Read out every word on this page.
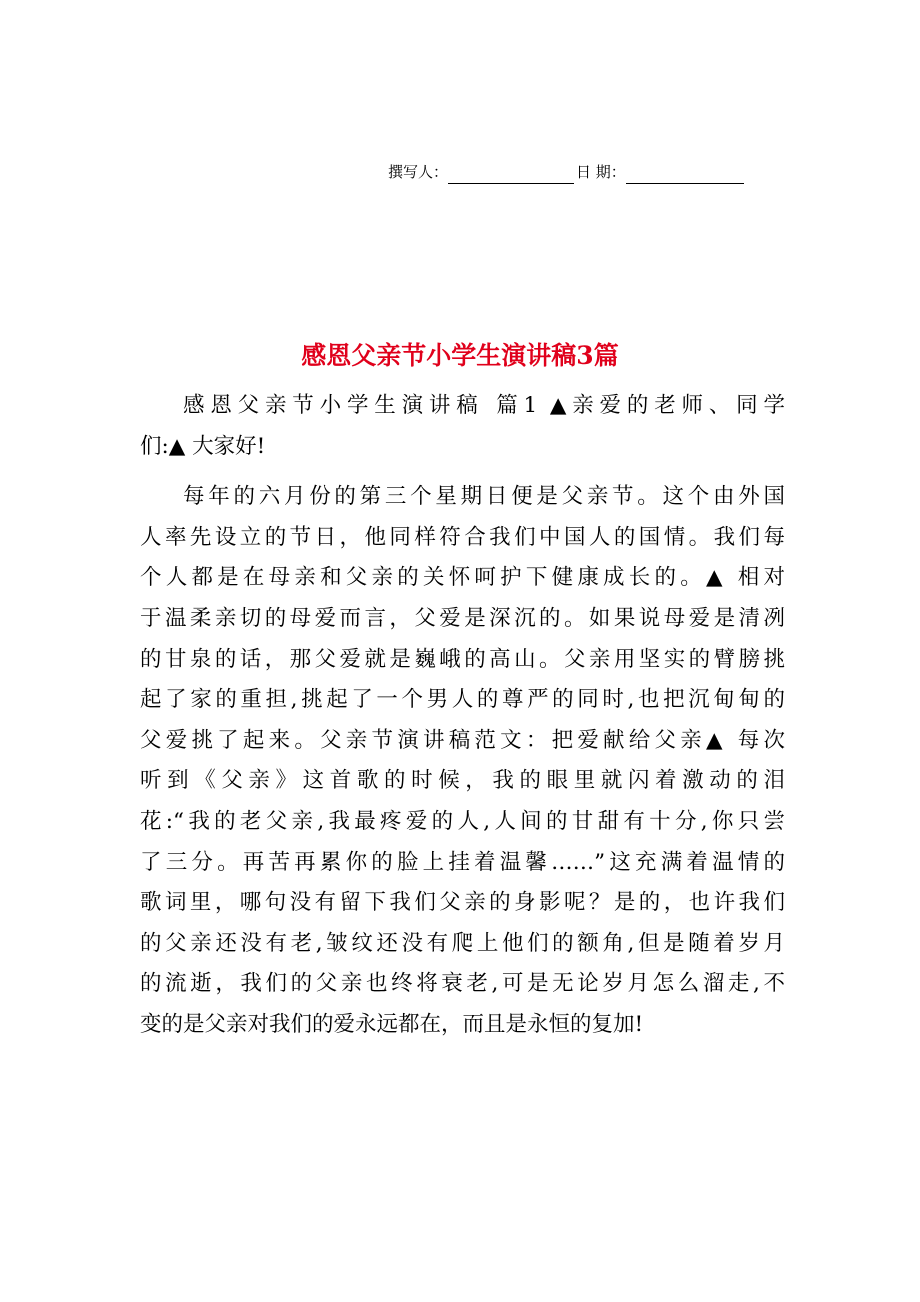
撰写人：	日 期：
感恩父亲节小学生演讲稿3篇
感恩父亲节小学生演讲稿 篇1 ▲亲爱的老师、同学
们:▲ 大家好!
每年的六月份的第三个星期日便是父亲节。这个由外国
人率先设立的节日，他同样符合我们中国人的国情。我们每
个人都是在母亲和父亲的关怀呵护下健康成长的。▲ 相对
于温柔亲切的母爱而言，父爱是深沉的。如果说母爱是清冽
的甘泉的话，那父爱就是巍峨的高山。父亲用坚实的臂膀挑
起了家的重担,挑起了一个男人的尊严的同时,也把沉甸甸的
父爱挑了起来。父亲节演讲稿范文：把爱献给父亲▲ 每次
听到《父亲》这首歌的时候，我的眼里就闪着激动的泪
花:“我的老父亲,我最疼爱的人,人间的甘甜有十分,你只尝
了三分。再苦再累你的脸上挂着温馨……”这充满着温情的
歌词里，哪句没有留下我们父亲的身影呢？是的，也许我们
的父亲还没有老,皱纹还没有爬上他们的额角,但是随着岁月
的流逝，我们的父亲也终将衰老,可是无论岁月怎么溜走,不
变的是父亲对我们的爱永远都在，而且是永恒的复加!
